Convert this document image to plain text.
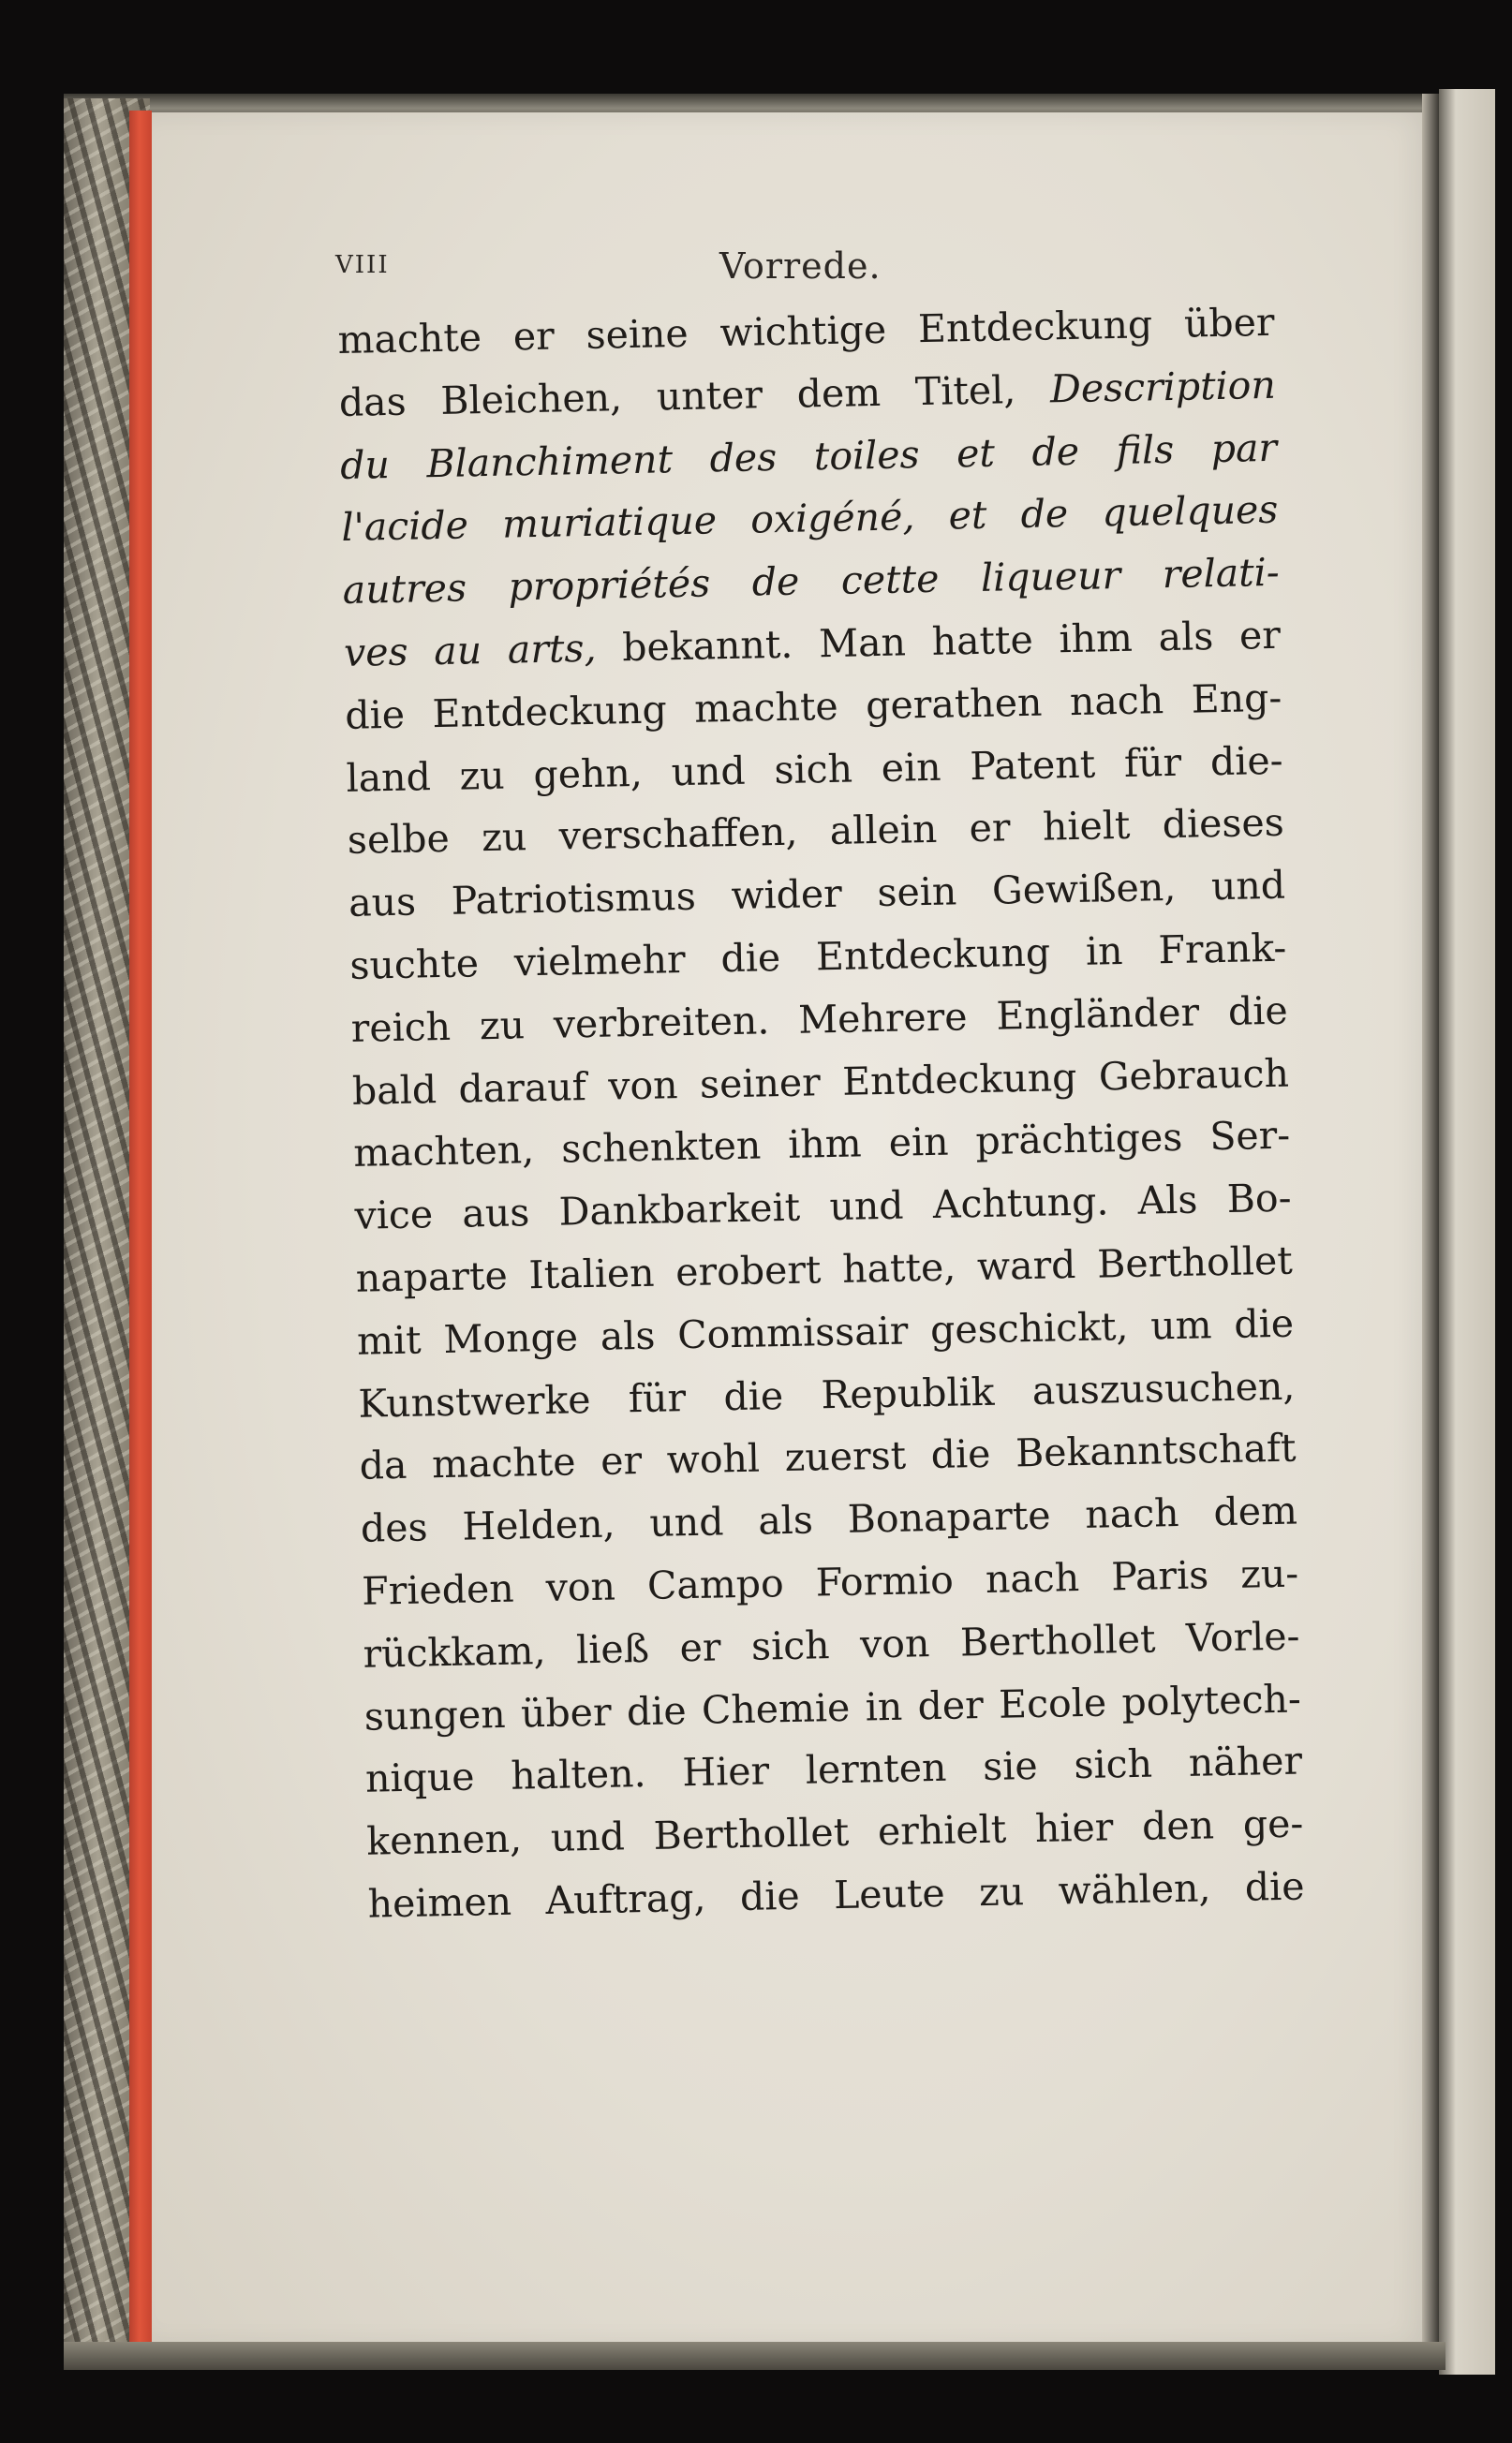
VIII	Vorrede.
machte er seine wichtige Entdeckung über
das Bleichen, unter dem Titel, Description
du Blanchiment des toiles et de fils par
l'acide muriatique oxigéné, et de quelques
autres propriétés de cette liqueur relati-
ves au arts, bekannt. Man hatte ihm als er
die Entdeckung machte gerathen nach Eng-
land zu gehn, und sich ein Patent für die-
selbe zu verschaffen, allein er hielt dieses
aus Patriotismus wider sein Gewißen, und
suchte vielmehr die Entdeckung in Frank-
reich zu verbreiten. Mehrere Engländer die
bald darauf von seiner Entdeckung Gebrauch
machten, schenkten ihm ein prächtiges Ser-
vice aus Dankbarkeit und Achtung. Als Bo-
naparte Italien erobert hatte, ward Berthollet
mit Monge als Commissair geschickt, um die
Kunstwerke für die Republik auszusuchen,
da machte er wohl zuerst die Bekanntschaft
des Helden, und als Bonaparte nach dem
Frieden von Campo Formio nach Paris zu-
rückkam, ließ er sich von Berthollet Vorle-
sungen über die Chemie in der Ecole polytech-
nique halten. Hier lernten sie sich näher
kennen, und Berthollet erhielt hier den ge-
heimen Auftrag, die Leute zu wählen, die
